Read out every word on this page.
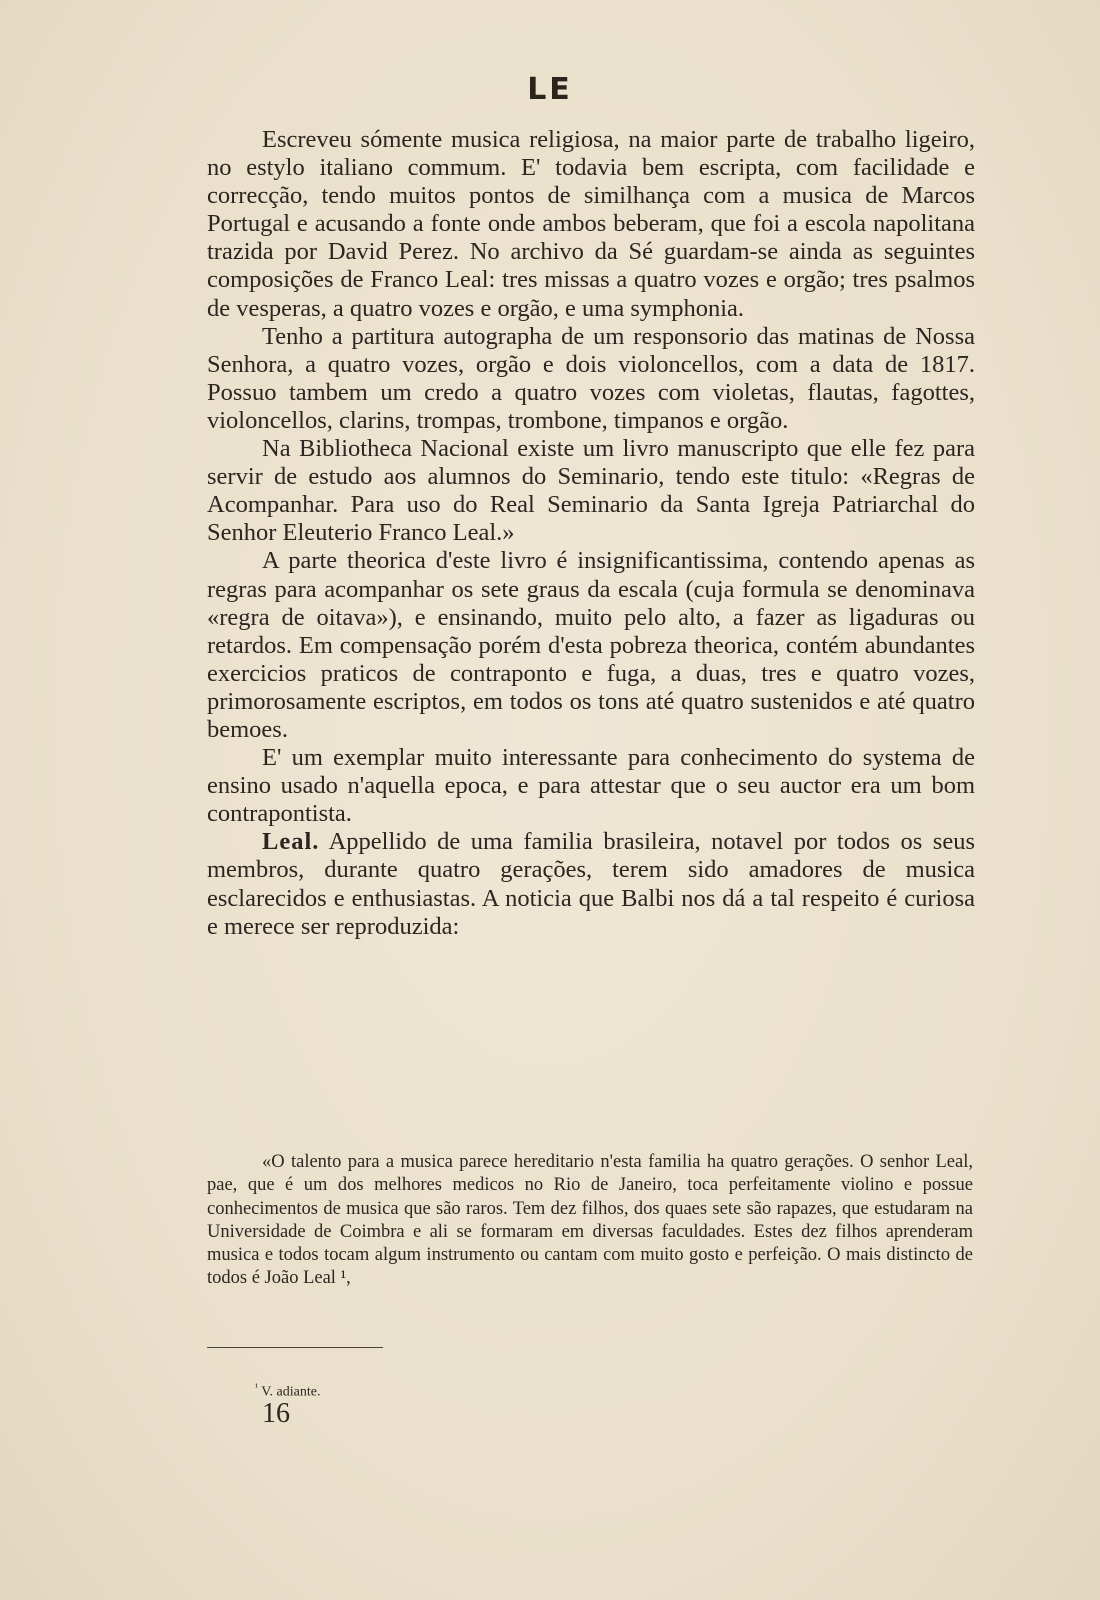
LE

Escreveu sómente musica religiosa, na maior parte de trabalho ligeiro, no estylo italiano commum. E' todavia bem escripta, com facilidade e correcção, tendo muitos pontos de similhança com a musica de Marcos Portugal e acusando a fonte onde ambos beberam, que foi a escola napolitana trazida por David Perez. No archivo da Sé guardam-se ainda as seguintes composições de Franco Leal: tres missas a quatro vozes e orgão; tres psalmos de vesperas, a quatro vozes e orgão, e uma symphonia.

Tenho a partitura autographa de um responsorio das matinas de Nossa Senhora, a quatro vozes, orgão e dois violoncellos, com a data de 1817. Possuo tambem um credo a quatro vozes com violetas, flautas, fagottes, violoncellos, clarins, trompas, trombone, timpanos e orgão.

Na Bibliotheca Nacional existe um livro manuscripto que elle fez para servir de estudo aos alumnos do Seminario, tendo este titulo: «Regras de Acompanhar. Para uso do Real Seminario da Santa Igreja Patriarchal do Senhor Eleuterio Franco Leal.»

A parte theorica d'este livro é insignificantissima, contendo apenas as regras para acompanhar os sete graus da escala (cuja formula se denominava «regra de oitava»), e ensinando, muito pelo alto, a fazer as ligaduras ou retardos. Em compensação porém d'esta pobreza theorica, contém abundantes exercicios praticos de contraponto e fuga, a duas, tres e quatro vozes, primorosamente escriptos, em todos os tons até quatro sustenidos e até quatro bemoes.

E' um exemplar muito interessante para conhecimento do systema de ensino usado n'aquella epoca, e para attestar que o seu auctor era um bom contrapontista.

Leal. Appellido de uma familia brasileira, notavel por todos os seus membros, durante quatro gerações, terem sido amadores de musica esclarecidos e enthusiastas. A noticia que Balbi nos dá a tal respeito é curiosa e merece ser reproduzida:

«O talento para a musica parece hereditario n'esta familia ha quatro gerações. O senhor Leal, pae, que é um dos melhores medicos no Rio de Janeiro, toca perfeitamente violino e possue conhecimentos de musica que são raros. Tem dez filhos, dos quaes sete são rapazes, que estudaram na Universidade de Coimbra e ali se formaram em diversas faculdades. Estes dez filhos aprenderam musica e todos tocam algum instrumento ou cantam com muito gosto e perfeição. O mais distincto de todos é João Leal ¹,

$^{^1}$ V. adiante.
16
